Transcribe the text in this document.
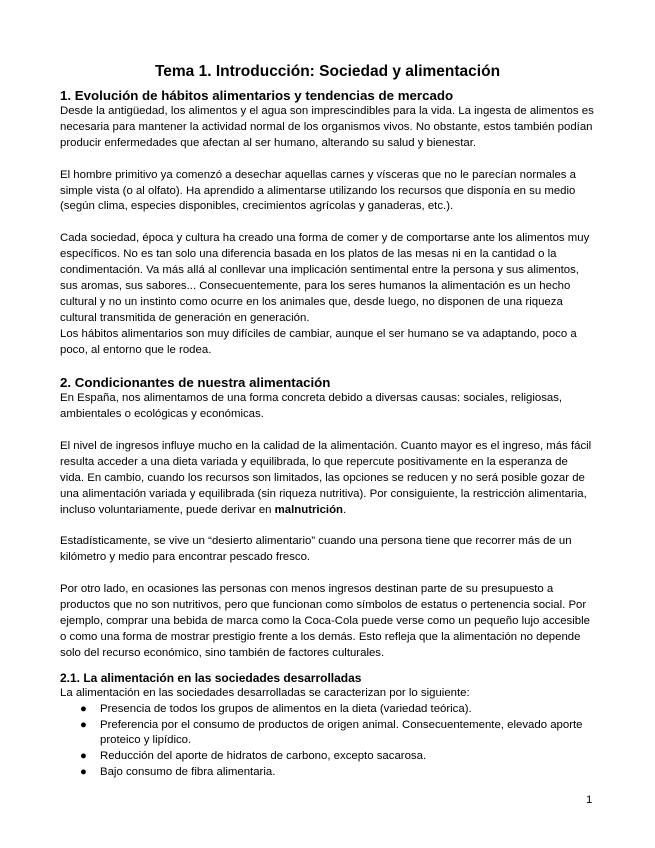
Tema 1. Introducción: Sociedad y alimentación
1. Evolución de hábitos alimentarios y tendencias de mercado

Desde la antigüedad, los alimentos y el agua son imprescindibles para la vida. La ingesta de alimentos es necesaria para mantener la actividad normal de los organismos vivos. No obstante, estos también podían producir enfermedades que afectan al ser humano, alterando su salud y bienestar.

El hombre primitivo ya comenzó a desechar aquellas carnes y vísceras que no le parecían normales a simple vista (o al olfato). Ha aprendido a alimentarse utilizando los recursos que disponía en su medio (según clima, especies disponibles, crecimientos agrícolas y ganaderas, etc.).

Cada sociedad, época y cultura ha creado una forma de comer y de comportarse ante los alimentos muy específicos. No es tan solo una diferencia basada en los platos de las mesas ni en la cantidad o la condimentación. Va más allá al conllevar una implicación sentimental entre la persona y sus alimentos, sus aromas, sus sabores... Consecuentemente, para los seres humanos la alimentación es un hecho cultural y no un instinto como ocurre en los animales que, desde luego, no disponen de una riqueza cultural transmitida de generación en generación.

Los hábitos alimentarios son muy difíciles de cambiar, aunque el ser humano se va adaptando, poco a poco, al entorno que le rodea.

2. Condicionantes de nuestra alimentación

En España, nos alimentamos de una forma concreta debido a diversas causas: sociales, religiosas, ambientales o ecológicas y económicas.

El nivel de ingresos influye mucho en la calidad de la alimentación. Cuanto mayor es el ingreso, más fácil resulta acceder a una dieta variada y equilibrada, lo que repercute positivamente en la esperanza de vida. En cambio, cuando los recursos son limitados, las opciones se reducen y no será posible gozar de una alimentación variada y equilibrada (sin riqueza nutritiva). Por consiguiente, la restricción alimentaria, incluso voluntariamente, puede derivar en malnutrición.

Estadísticamente, se vive un “desierto alimentario” cuando una persona tiene que recorrer más de un kilómetro y medio para encontrar pescado fresco.

Por otro lado, en ocasiones las personas con menos ingresos destinan parte de su presupuesto a productos que no son nutritivos, pero que funcionan como símbolos de estatus o pertenencia social. Por ejemplo, comprar una bebida de marca como la Coca-Cola puede verse como un pequeño lujo accesible o como una forma de mostrar prestigio frente a los demás. Esto refleja que la alimentación no depende solo del recurso económico, sino también de factores culturales.

2.1. La alimentación en las sociedades desarrolladas

La alimentación en las sociedades desarrolladas se caracterizan por lo siguiente:

● Presencia de todos los grupos de alimentos en la dieta (variedad teórica).
● Preferencia por el consumo de productos de origen animal. Consecuentemente, elevado aporte proteico y lipídico.
● Reducción del aporte de hidratos de carbono, excepto sacarosa.
● Bajo consumo de fibra alimentaria.
1
